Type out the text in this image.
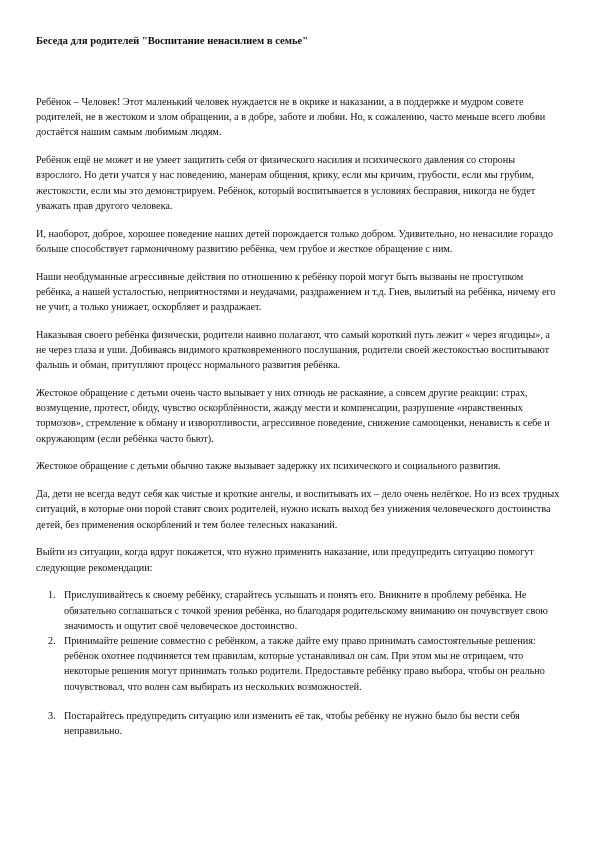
Беседа для родителей "Воспитание ненасилием в семье"

Ребёнок – Человек! Этот маленький человек нуждается не в окрике и наказании, а в поддержке и мудром совете родителей, не в жестоком и злом обращении, а в добре, заботе и любви. Но, к сожалению, часто меньше всего любви достаётся нашим самым любимым людям.

Ребёнок ещё не может и не умеет защитить себя от физического насилия и психического давления со стороны взрослого. Но дети учатся у нас поведению, манерам общения, крику, если мы кричим, грубости, если мы грубим, жестокости, если мы это демонстрируем. Ребёнок, который воспитывается в условиях бесправия, никогда не будет уважать прав другого человека.

И, наоборот, доброе, хорошее поведение наших детей порождается только добром. Удивительно, но ненасилие гораздо больше способствует гармоничному развитию ребёнка, чем грубое и жесткое обращение с ним.

Наши необдуманные агрессивные действия по отношению к ребёнку порой могут быть вызваны не проступком ребёнка, а нашей усталостью, неприятностями и неудачами, раздражением и т.д. Гнев, вылитый на ребёнка, ничему его не учит, а только унижает, оскорбляет и раздражает.

Наказывая своего ребёнка физически, родители наивно полагают, что самый короткий путь лежит « через ягодицы», а не через глаза и уши. Добиваясь видимого кратковременного послушания, родители своей жестокостью воспитывают фальшь и обман, притупляют процесс нормального развития ребёнка.

Жестокое обращение с детьми очень часто вызывает у них отнюдь не раскаяние, а совсем другие реакции: страх, возмущение, протест, обиду, чувство оскорблённости, жажду мести и компенсации, разрушение «нравственных тормозов», стремление к обману и изворотливости, агрессивное поведение, снижение самооценки, ненависть к себе и окружающим (если ребёнка часто бьют).

Жестокое обращение с детьми обычно также вызывает задержку их психического и социального развития.

Да, дети не всегда ведут себя как чистые и кроткие ангелы, и воспитывать их – дело очень нелёгкое. Но из всех трудных ситуаций, в которые они порой ставят своих родителей, нужно искать выход без унижения человеческого достоинства детей, без применения оскорблений и тем более телесных наказаний.

Выйти из ситуации, когда вдруг покажется, что нужно применить наказание, или предупредить ситуацию помогут следующие рекомендации:

1. Прислушивайтесь к своему ребёнку, старайтесь услышать и понять его. Вникните в проблему ребёнка. Не обязательно соглашаться с точкой зрения ребёнка, но благодаря родительскому вниманию он почувствует свою значимость и ощутит своё человеческое достоинство.
2. Принимайте решение совместно с ребёнком, а также дайте ему право принимать самостоятельные решения: ребёнок охотнее подчиняется тем правилам, которые устанавливал он сам. При этом мы не отрицаем, что некоторые решения могут принимать только родители. Предоставьте ребёнку право выбора, чтобы он реально почувствовал, что волен сам выбирать из нескольких возможностей.
3. Постарайтесь предупредить ситуацию или изменить её так, чтобы ребёнку не нужно было бы вести себя неправильно.
